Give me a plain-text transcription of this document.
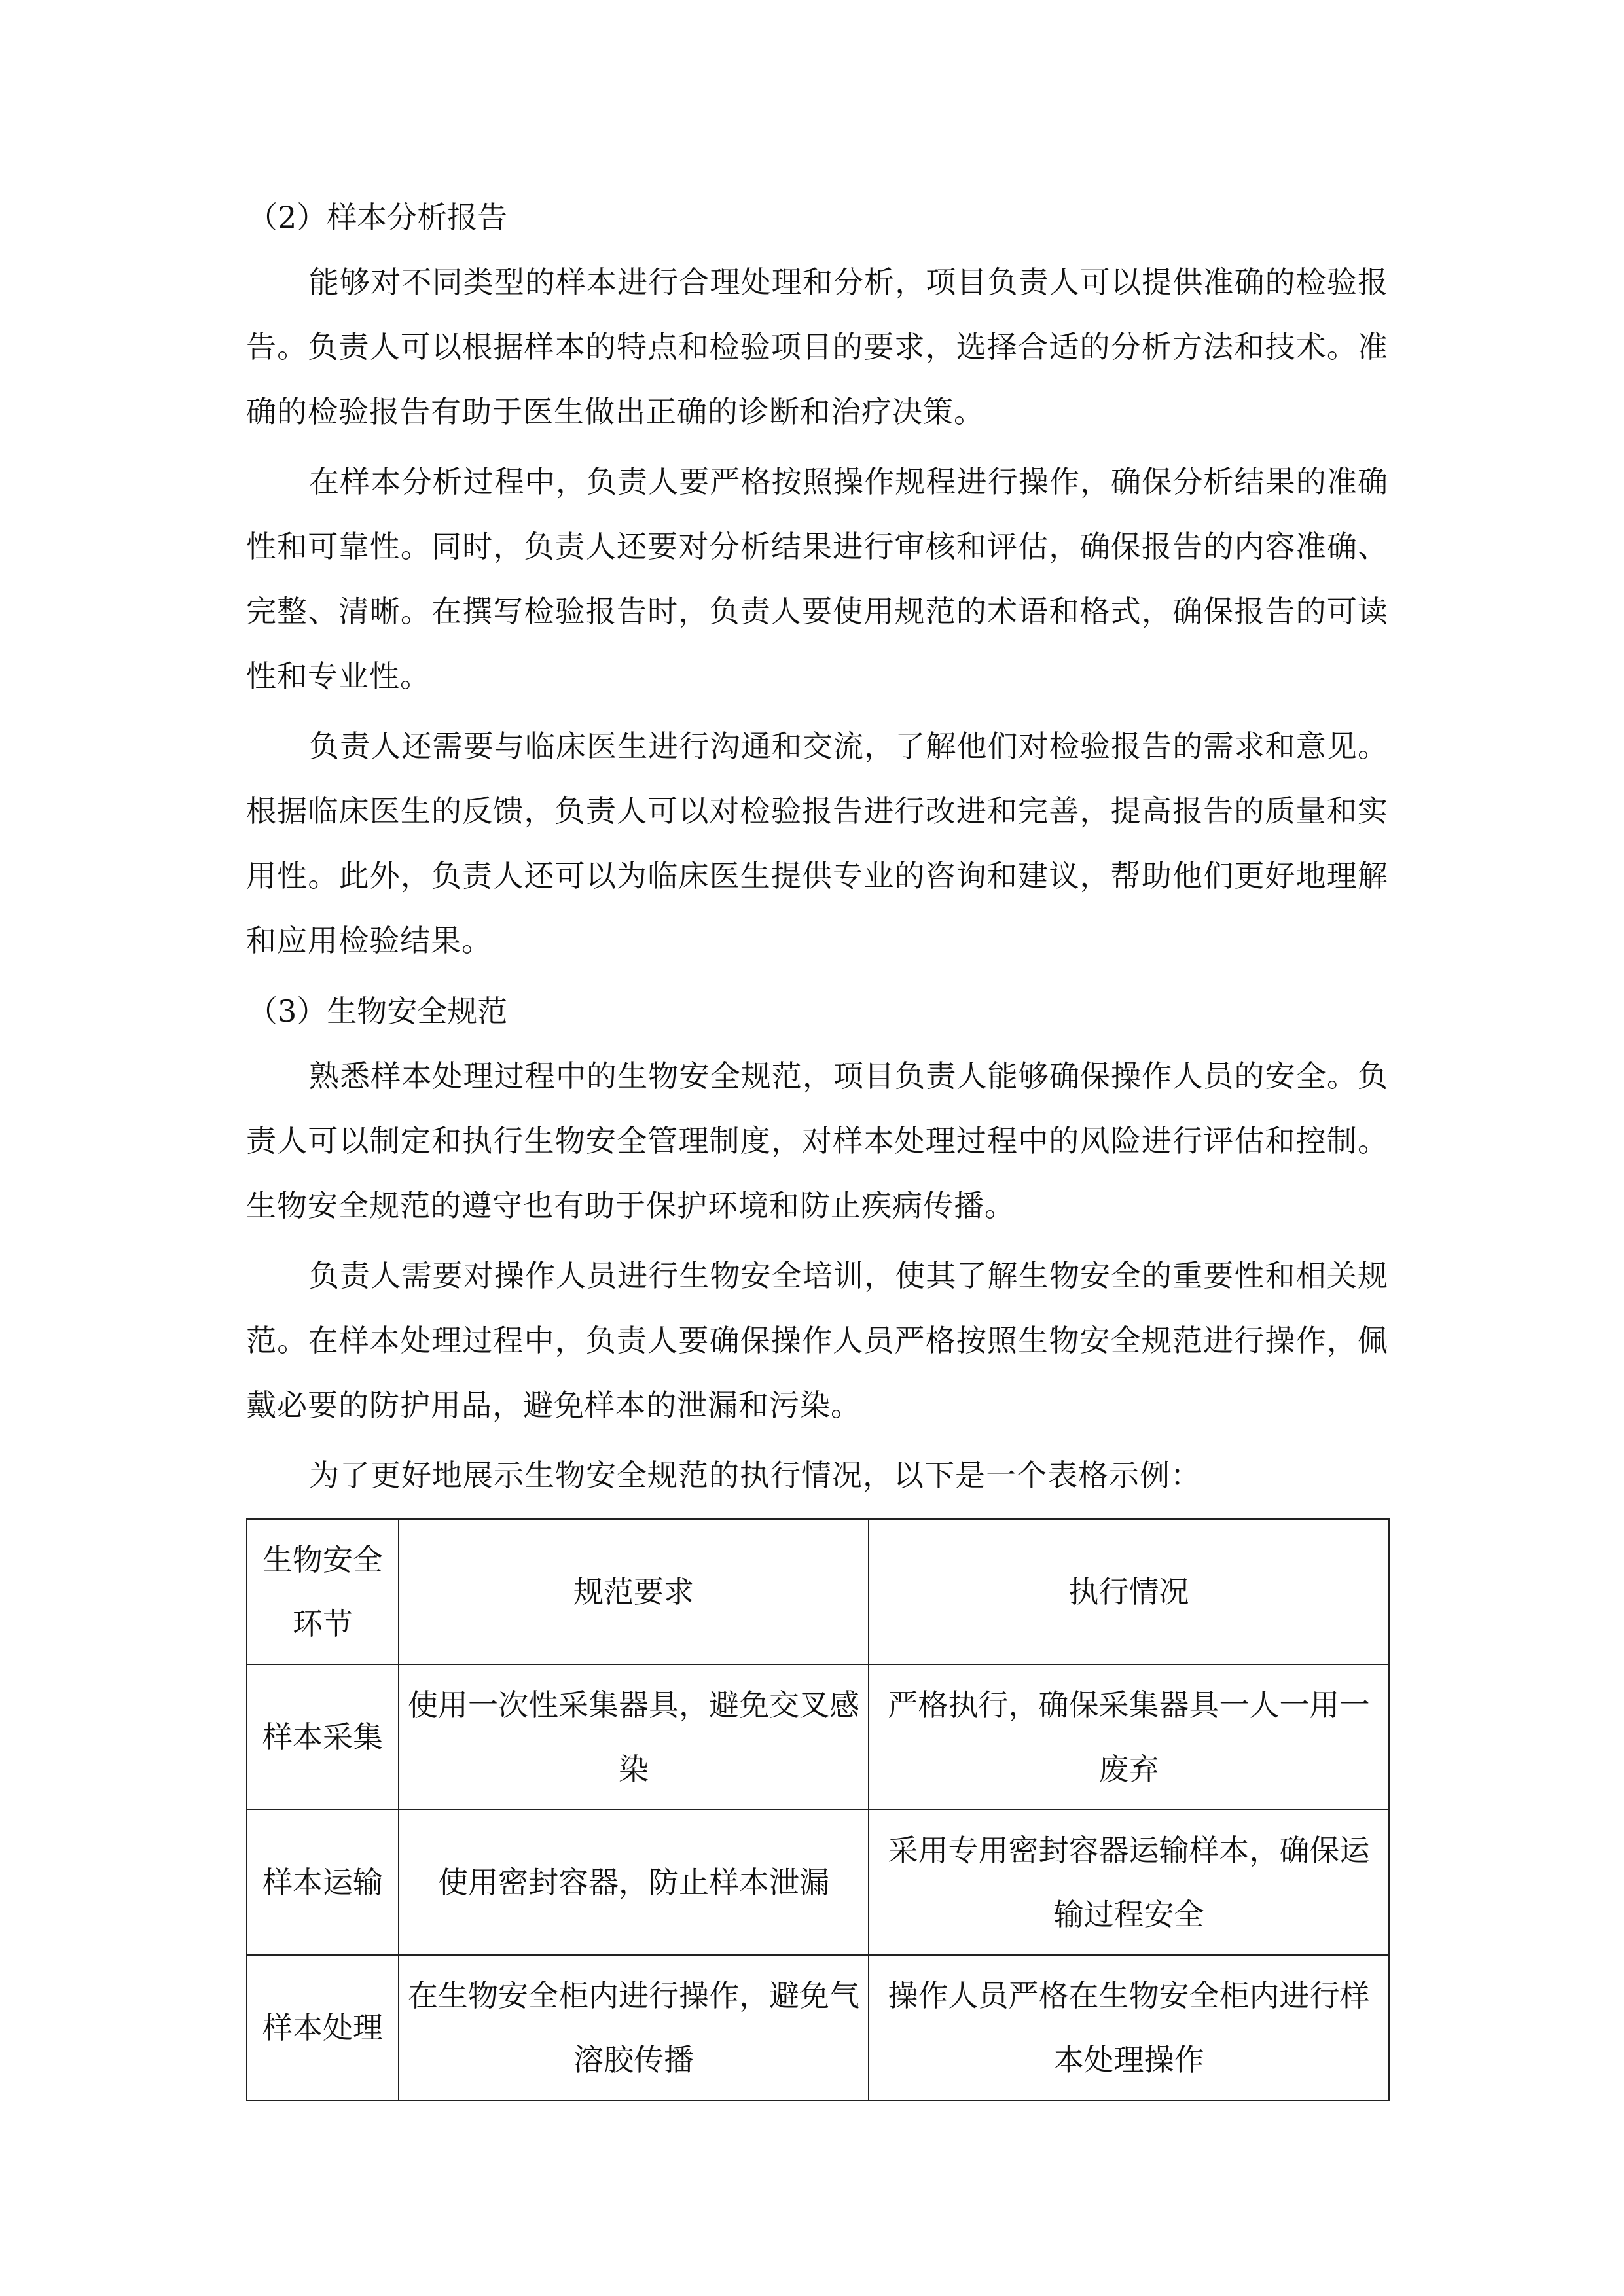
（2）样本分析报告

能够对不同类型的样本进行合理处理和分析，项目负责人可以提供准确的检验报告。负责人可以根据样本的特点和检验项目的要求，选择合适的分析方法和技术。准确的检验报告有助于医生做出正确的诊断和治疗决策。

在样本分析过程中，负责人要严格按照操作规程进行操作，确保分析结果的准确性和可靠性。同时，负责人还要对分析结果进行审核和评估，确保报告的内容准确、完整、清晰。在撰写检验报告时，负责人要使用规范的术语和格式，确保报告的可读性和专业性。

负责人还需要与临床医生进行沟通和交流，了解他们对检验报告的需求和意见。根据临床医生的反馈，负责人可以对检验报告进行改进和完善，提高报告的质量和实用性。此外，负责人还可以为临床医生提供专业的咨询和建议，帮助他们更好地理解和应用检验结果。

（3）生物安全规范

熟悉样本处理过程中的生物安全规范，项目负责人能够确保操作人员的安全。负责人可以制定和执行生物安全管理制度，对样本处理过程中的风险进行评估和控制。生物安全规范的遵守也有助于保护环境和防止疾病传播。

负责人需要对操作人员进行生物安全培训，使其了解生物安全的重要性和相关规范。在样本处理过程中，负责人要确保操作人员严格按照生物安全规范进行操作，佩戴必要的防护用品，避免样本的泄漏和污染。

为了更好地展示生物安全规范的执行情况，以下是一个表格示例：

生物安全环节	规范要求	执行情况
样本采集	使用一次性采集器具，避免交叉感染	严格执行，确保采集器具一人一用一废弃
样本运输	使用密封容器，防止样本泄漏	采用专用密封容器运输样本，确保运输过程安全
样本处理	在生物安全柜内进行操作，避免气溶胶传播	操作人员严格在生物安全柜内进行样本处理操作
